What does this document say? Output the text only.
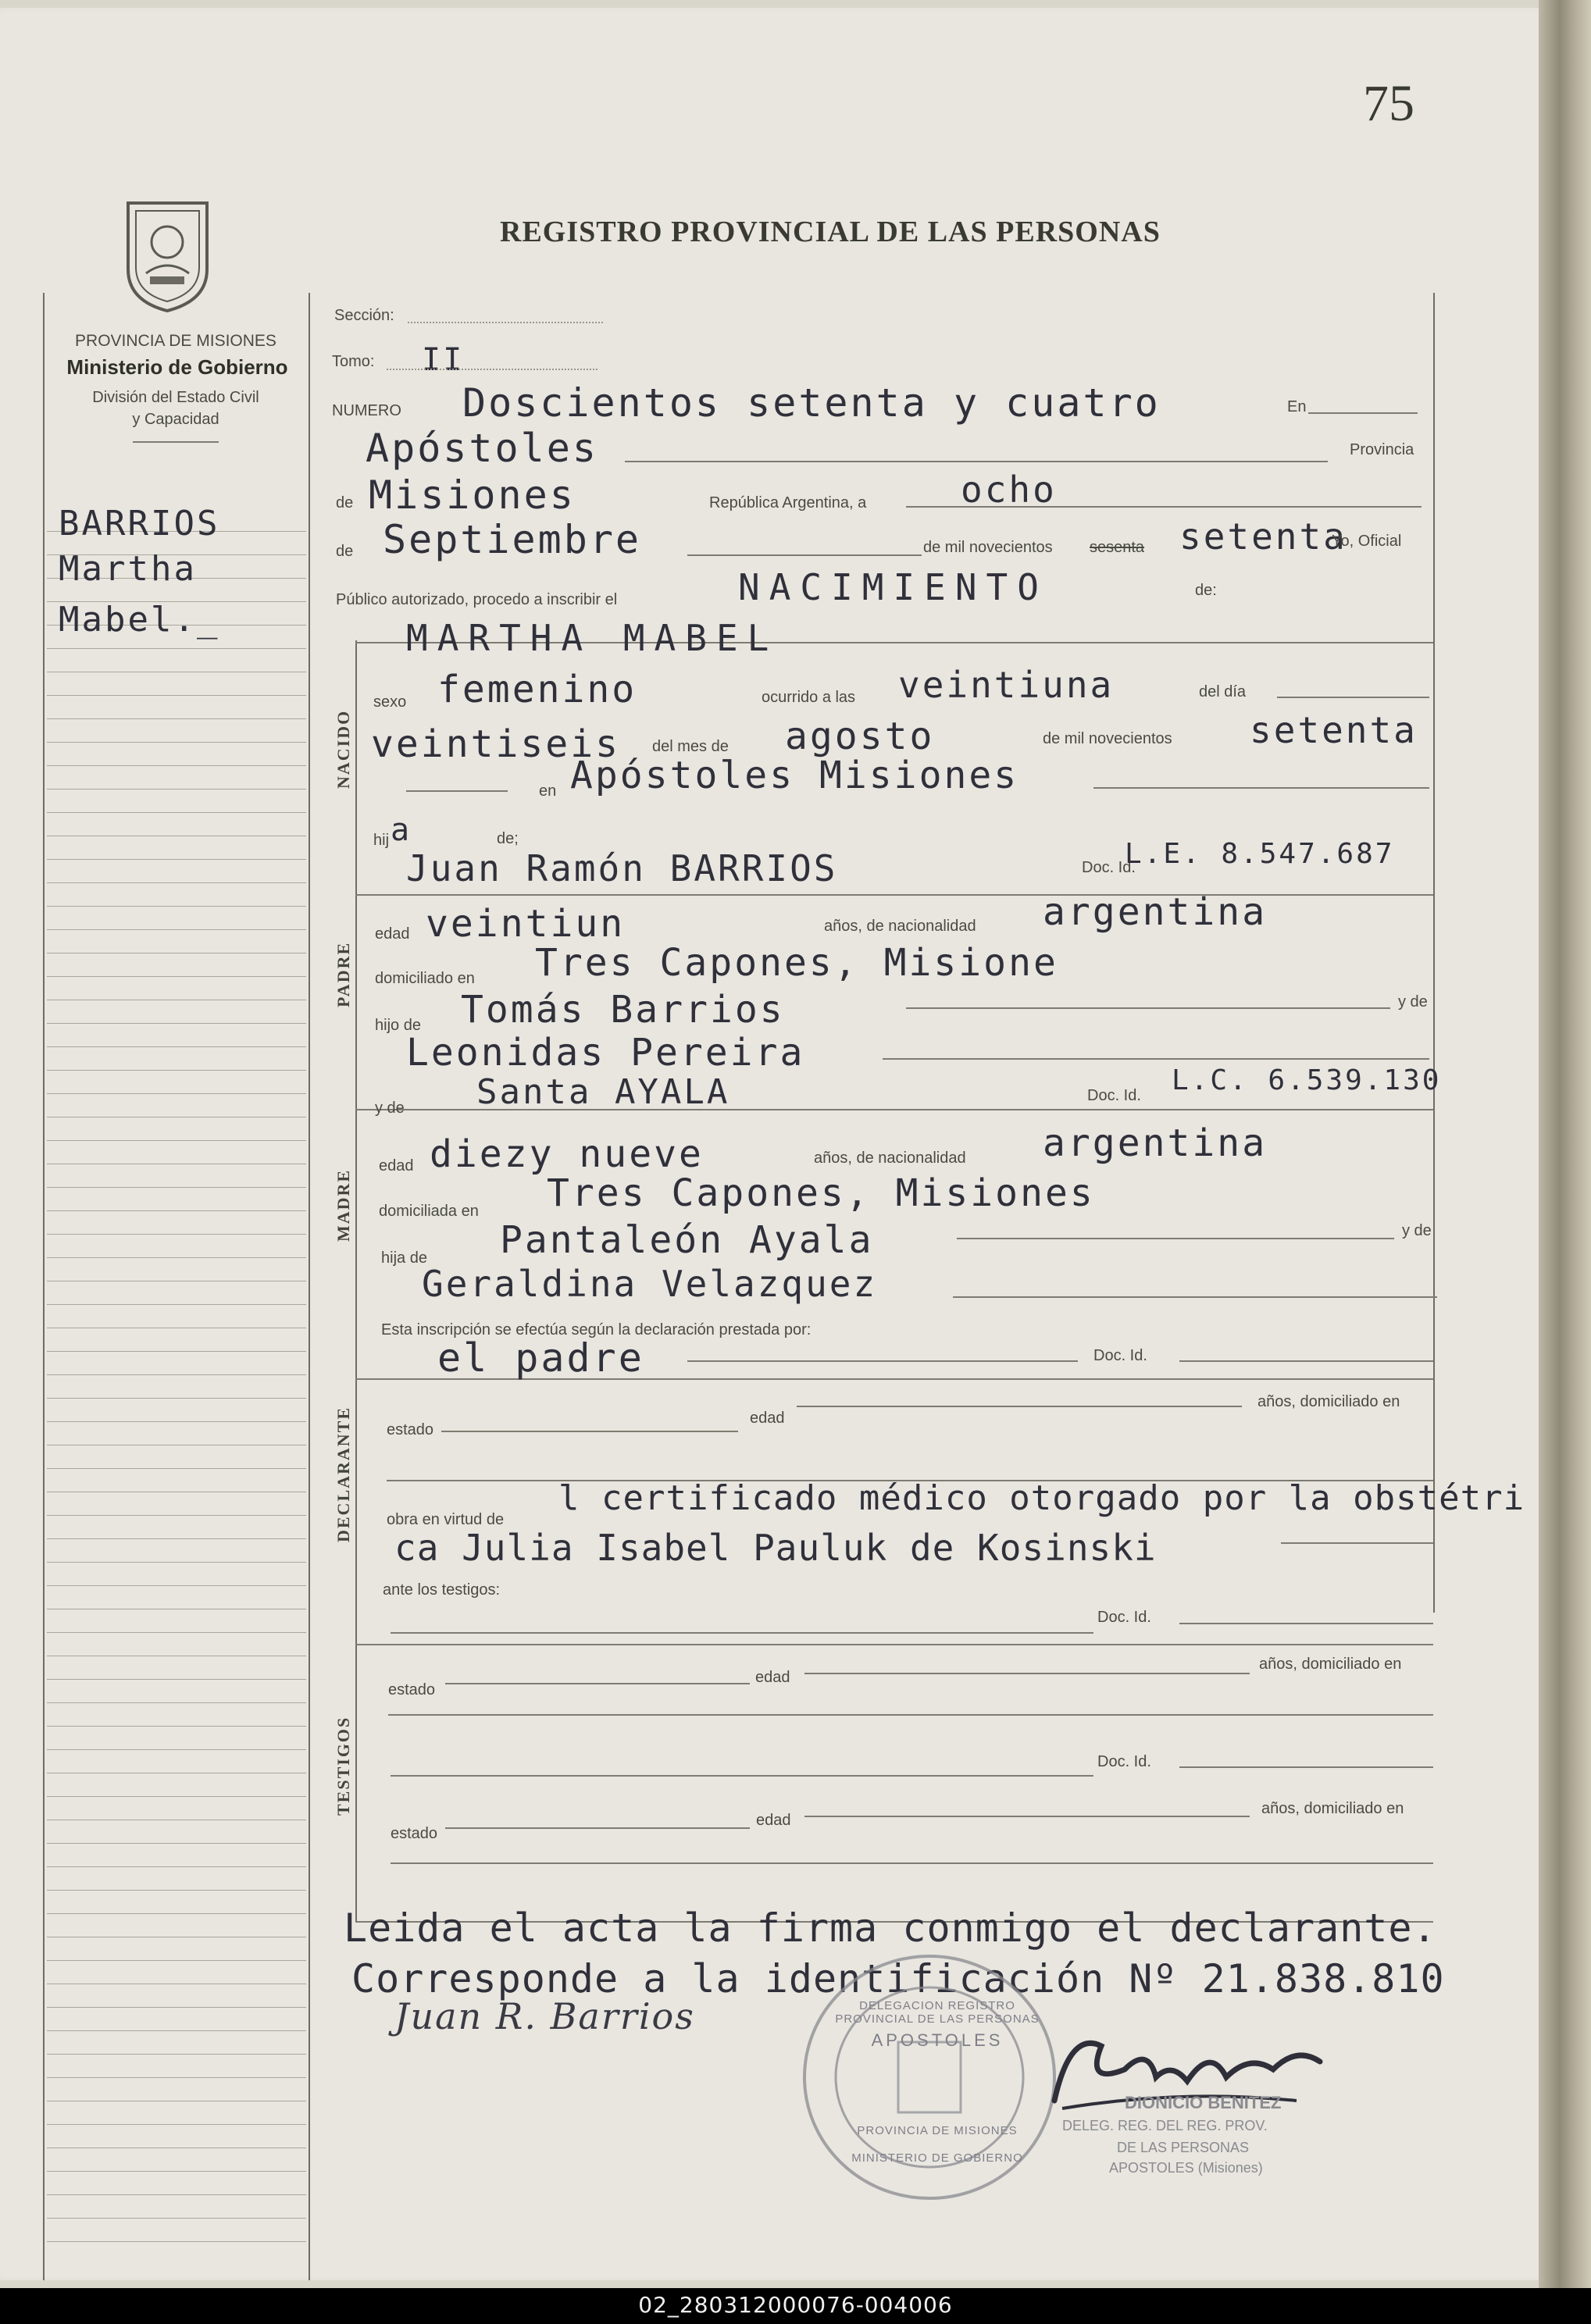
75
PROVINCIA DE MISIONES
Ministerio de Gobierno
División del Estado Civil
y Capacidad
REGISTRO PROVINCIAL DE LAS PERSONAS
BARRIOS
Martha
Mabel._
Sección:
Tomo: II
NUMERO Doscientos setenta y cuatro	En
Apóstoles	Provincia
de Misiones	República Argentina, a	ocho
de Septiembre	de mil novecientos sesenta setenta
Yo, Oficial
Público autorizado, procedo a inscribir el	NACIMIENTO	de:
NACIDO
MARTHA MABEL
sexo femenino	ocurrido a las veintiuna	del día
veintiseis del mes de agosto	de mil novecientos setenta
en Apóstoles Misiones
hij a	de;
PADRE
Juan Ramón BARRIOS	Doc. Id.
L.E. 8.547.687
edad veintiun	años, de nacionalidad argentina
domiciliado en Tres Capones, Misione
hijo de Tomás Barrios	y de
Leonidas Pereira
MADRE
y de Santa AYALA	Doc. Id. L.C. 6.539.130
edad diezy nueve	años, de nacionalidad argentina
domiciliada en Tres Capones, Misiones
hija de Pantaleón Ayala	y de
Geraldina Velazquez
Esta inscripción se efectúa según la declaración prestada por:
DECLARANTE
el padre	Doc. Id.
estado
edad
años, domiciliado en
obra en virtud de
l certificado médico otorgado por la obstétri
ca Julia Isabel Pauluk de Kosinski
ante los testigos:
TESTIGOS
Doc. Id.
estado
edad
años, domiciliado en
Doc. Id.
estado
edad
años, domiciliado en
Leida el acta la firma conmigo el declarante.
Corresponde a la identificación Nº 21.838.810
Juan R. Barrios	DELEGACION REGISTRO PROVINCIAL DE LAS PERSONAS
APOSTOLES
PROVINCIA DE MISIONES
MINISTERIO DE GOBIERNO
DIONICIO BENITEZ
DELEG. REG. DEL REG. PROV.
DE LAS PERSONAS
APOSTOLES (Misiones)
02_280312000076-004006
